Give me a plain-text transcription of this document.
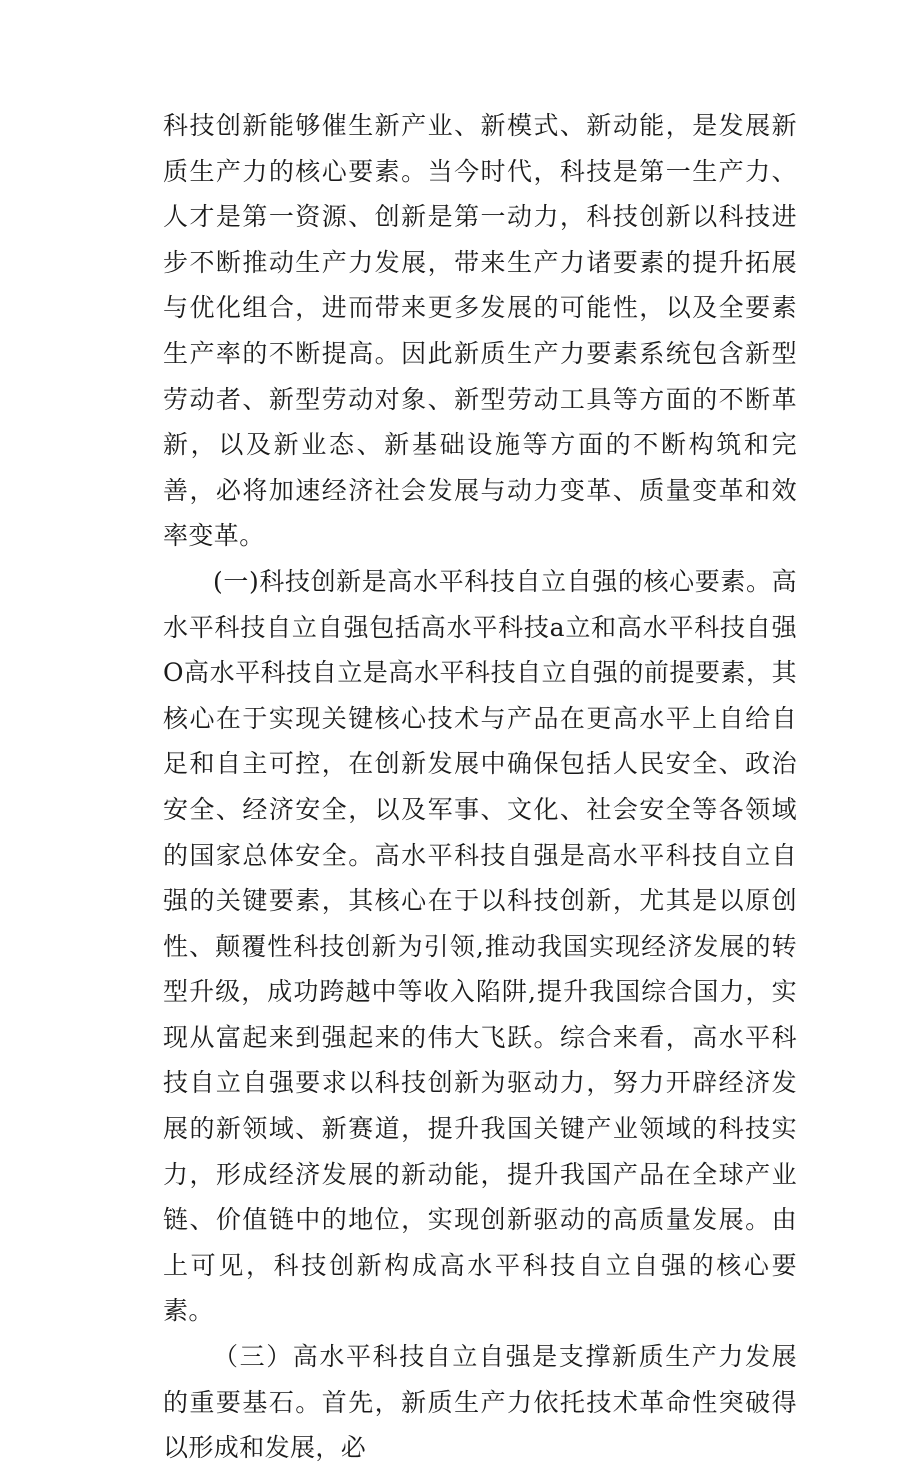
科技创新能够催生新产业、新模式、新动能，是发展新质生产力的核心要素。当今时代，科技是第一生产力、人才是第一资源、创新是第一动力，科技创新以科技进步不断推动生产力发展，带来生产力诸要素的提升拓展与优化组合，进而带来更多发展的可能性，以及全要素生产率的不断提高。因此新质生产力要素系统包含新型劳动者、新型劳动对象、新型劳动工具等方面的不断革新，以及新业态、新基础设施等方面的不断构筑和完善，必将加速经济社会发展与动力变革、质量变革和效率变革。

(一)科技创新是高水平科技自立自强的核心要素。高水平科技自立自强包括高水平科技a立和高水平科技自强O高水平科技自立是高水平科技自立自强的前提要素，其核心在于实现关键核心技术与产品在更高水平上自给自足和自主可控，在创新发展中确保包括人民安全、政治安全、经济安全，以及军事、文化、社会安全等各领域的国家总体安全。高水平科技自强是高水平科技自立自强的关键要素，其核心在于以科技创新，尤其是以原创性、颠覆性科技创新为引领,推动我国实现经济发展的转型升级，成功跨越中等收入陷阱,提升我国综合国力，实现从富起来到强起来的伟大飞跃。综合来看，高水平科技自立自强要求以科技创新为驱动力，努力开辟经济发展的新领域、新赛道，提升我国关键产业领域的科技实力，形成经济发展的新动能，提升我国产品在全球产业链、价值链中的地位，实现创新驱动的高质量发展。由上可见，科技创新构成高水平科技自立自强的核心要素。

（三）高水平科技自立自强是支撑新质生产力发展的重要基石。首先，新质生产力依托技术革命性突破得以形成和发展，必
